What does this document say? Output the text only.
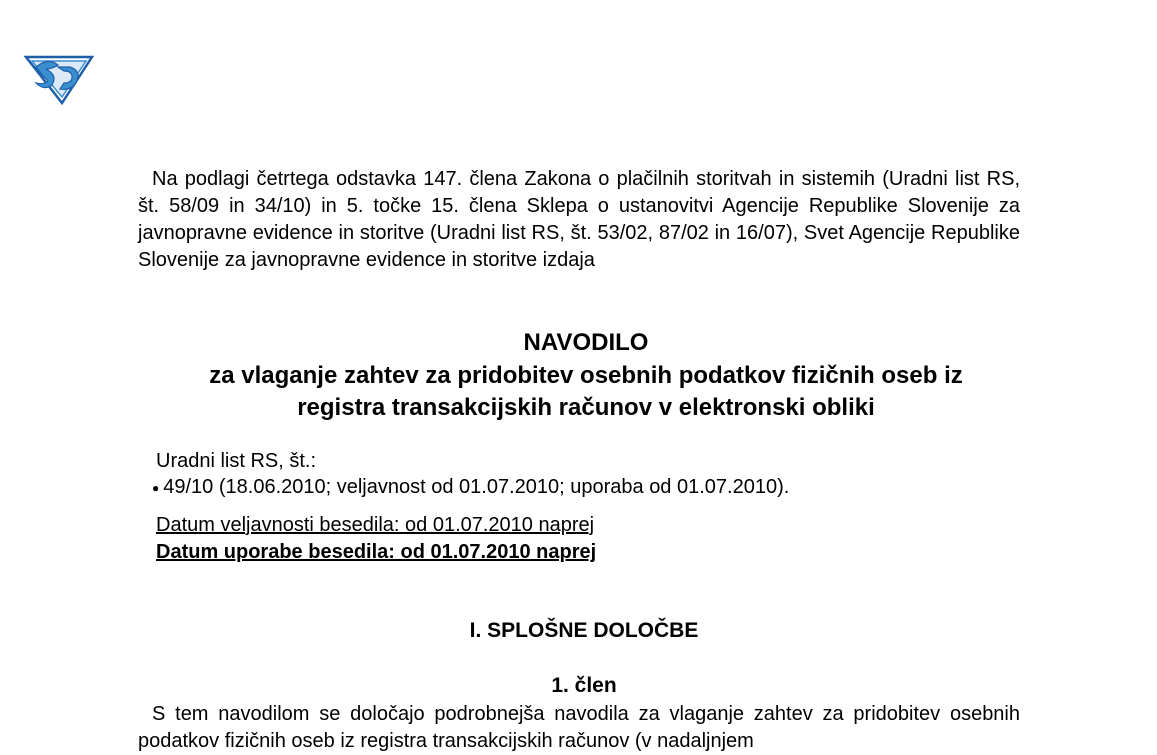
Na podlagi četrtega odstavka 147. člena Zakona o plačilnih storitvah in sistemih (Uradni list RS, št. 58/09 in 34/10) in 5. točke 15. člena Sklepa o ustanovitvi Agencije Republike Slovenije za javnopravne evidence in storitve (Uradni list RS, št. 53/02, 87/02 in 16/07), Svet Agencije Republike Slovenije za javnopravne evidence in storitve izdaja
NAVODILO
za vlaganje zahtev za pridobitev osebnih podatkov fizičnih oseb iz
registra transakcijskih računov v elektronski obliki
Uradni list RS, št.:
● 49/10 (18.06.2010; veljavnost od 01.07.2010; uporaba od 01.07.2010).
Datum veljavnosti besedila: od 01.07.2010 naprej
Datum uporabe besedila: od 01.07.2010 naprej
I. SPLOŠNE DOLOČBE
1. člen
S tem navodilom se določajo podrobnejša navodila za vlaganje zahtev za pridobitev osebnih podatkov fizičnih oseb iz registra transakcijskih računov (v nadaljnjem
